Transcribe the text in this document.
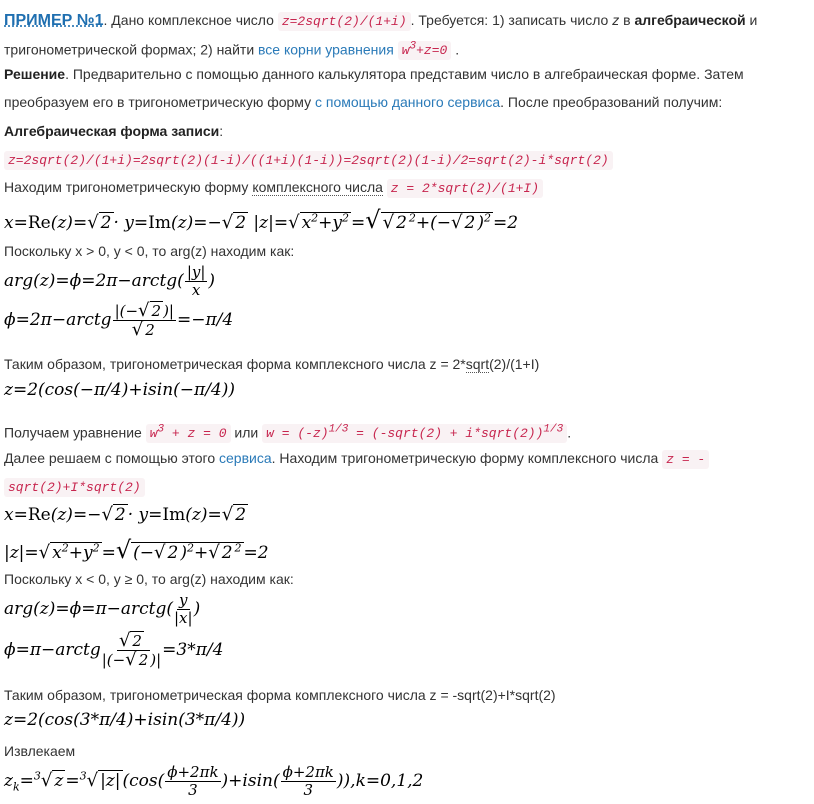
ПРИМЕР №1. Дано комплексное число z=2sqrt(2)/(1+i) . Требуется: 1) записать число z в алгебраической и
тригонометрической формах; 2) найти все корни уравнения $w^3+z=0$ .
Решение. Предварительно с помощью данного калькулятора представим число в алгебраическая форме. Затем
преобразуем его в тригонометрическую форму с помощью данного сервиса. После преобразований получим:
Алгебраическая форма записи:
z=2sqrt(2)/(1+i)=2sqrt(2)(1-i)/((1+i)(1-i))=2sqrt(2)(1-i)/2=sqrt(2)-i*sqrt(2)
Находим тригонометрическую форму комплексного числа z = 2*sqrt(2)/(1+I)
x=Re(z)=√ 2 · y=Im(z)=−√ 2 |z|=√ $x^2+y^2$ =√ √ 2 $^2$+(−√ 2 )$^2$ =2
Поскольку x > 0, y < 0, то arg(z) находим как:
arg(z)=ϕ=2π−arctg( $\frac{|y|}{x}$ )
ϕ=2π−arctg $\frac{|(-√ 2 )|}{√ 2} =-\pi/4$
Таким образом, тригонометрическая форма комплексного числа z = 2*sqrt(2)/(1+I)
z=2(cos(−π/4)+isin(−π/4))
Получаем уравнение $w^3 + z = 0$ или $w = (-z)^{1/3}$ = (-sqrt(2) + i*sqrt(2))$^{1/3}$ .
Далее решаем с помощью этого сервиса. Находим тригонометрическую форму комплексного числа z = -
sqrt(2)+I*sqrt(2)
x=Re(z)=−√ 2 · y=Im(z)=√ 2
|z|=√ $x^2+y^2$ =√ (−√ 2 )$^2$+√ 2 $^2$ =2
Поскольку x < 0, y ≥ 0, то arg(z) находим как:
arg(z)=ϕ=π−arctg( $\frac{y}{|x|}$ )
ϕ=π−arctg $\frac{√ 2}{|(-√ 2 )|} =3*\pi/4$
Таким образом, тригонометрическая форма комплексного числа z = -sqrt(2)+I*sqrt(2)
z=2(cos(3*π/4)+isin(3*π/4))
Извлекаем
$z_k=^3√$ z =$^3$√ |z| $(\cos( \frac{\phi+2\pi k}{3} )+isin( \frac{\phi+2\pi k}{3} )),k=0,1,2$
